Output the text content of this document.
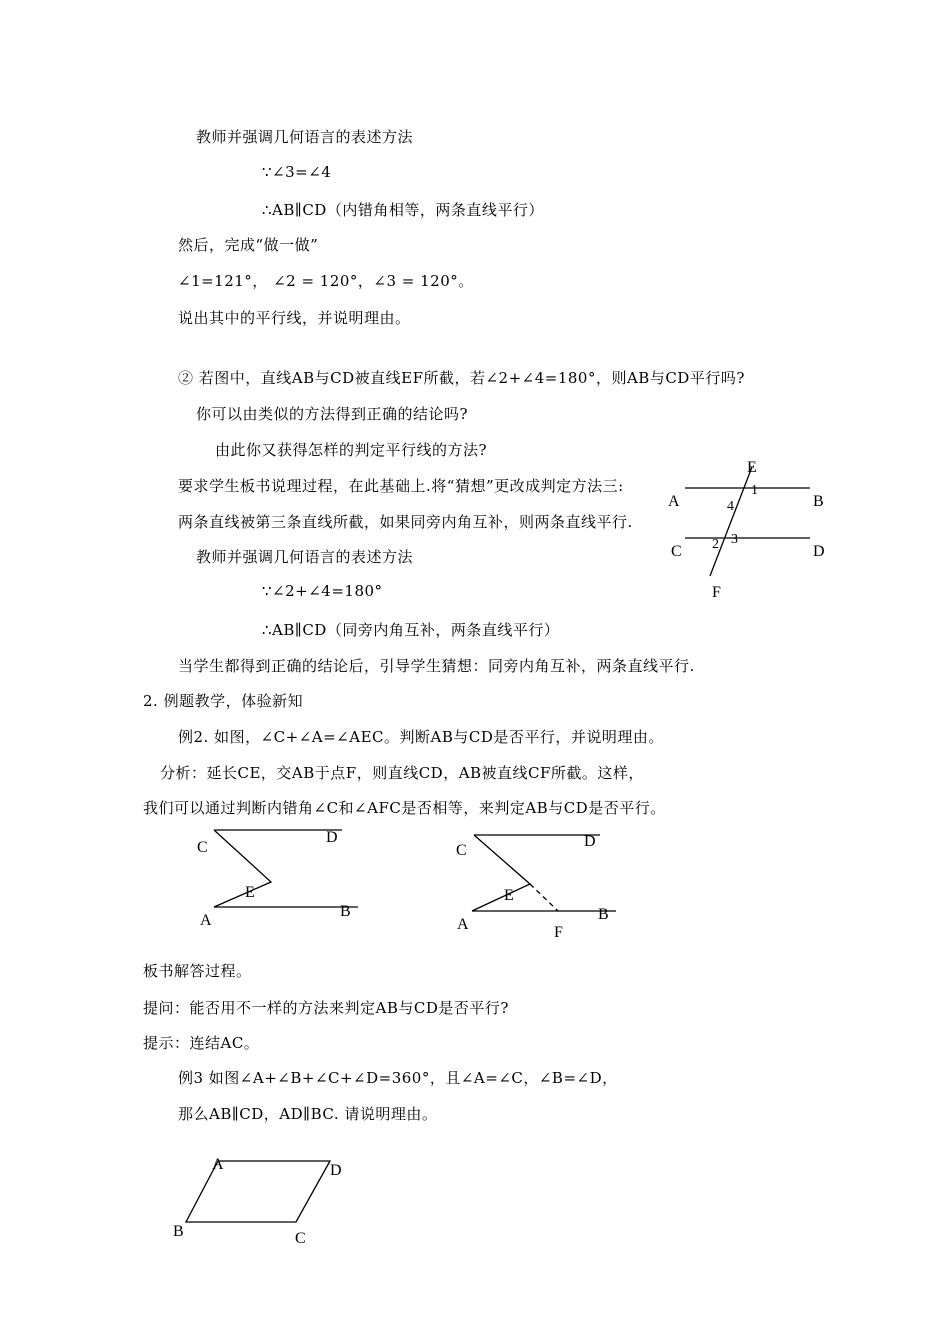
教师并强调几何语言的表述方法
∵∠3=∠4
∴AB∥CD（内错角相等，两条直线平行）
然后，完成“做一做”
∠1=121°， ∠2 = 120°，∠3 = 120°。
说出其中的平行线，并说明理由。
② 若图中，直线AB与CD被直线EF所截，若∠2+∠4=180°，则AB与CD平行吗?
你可以由类似的方法得到正确的结论吗?
由此你又获得怎样的判定平行线的方法?
要求学生板书说理过程，在此基础上.将“猜想”更改成判定方法三:
两条直线被第三条直线所截，如果同旁内角互补，则两条直线平行.
教师并强调几何语言的表述方法
∵∠2+∠4=180°
∴AB∥CD（同旁内角互补，两条直线平行）
当学生都得到正确的结论后，引导学生猜想：同旁内角互补，两条直线平行.
2. 例题教学，体验新知
例2. 如图，∠C+∠A=∠AEC。判断AB与CD是否平行，并说明理由。
分析：延长CE，交AB于点F，则直线CD，AB被直线CF所截。这样，
我们可以通过判断内错角∠C和∠AFC是否相等，来判定AB与CD是否平行。
板书解答过程。
提问：能否用不一样的方法来判定AB与CD是否平行?
提示：连结AC。
例3 如图∠A+∠B+∠C+∠D=360°，且∠A=∠C，∠B=∠D，
那么AB∥CD，AD∥BC. 请说明理由。
E
A	B
C	D
F
1
4
2 3
C
D
E
A
B
C
D
E
A
B
F
A	D
B	C
